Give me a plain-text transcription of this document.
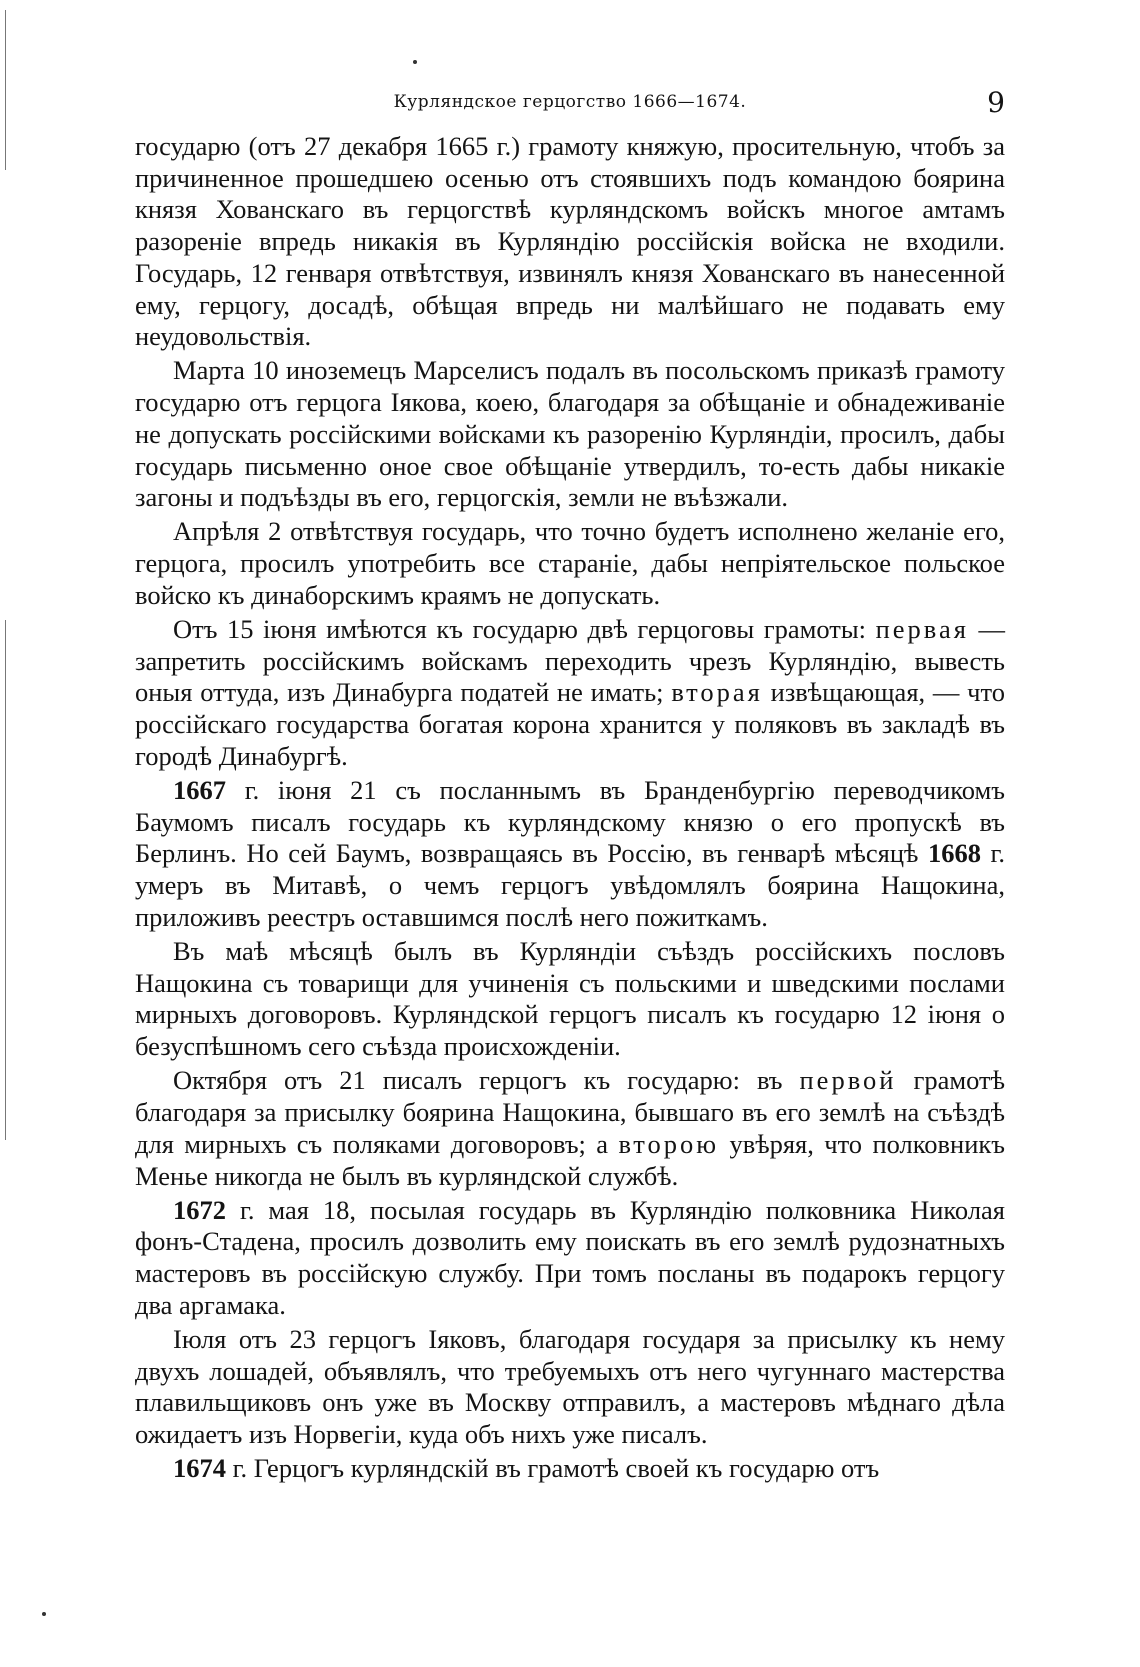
Курляндское герцогство 1666—1674.	9

государю (отъ 27 декабря 1665 г.) грамоту княжую, просительную, чтобъ за причиненное прошедшею осенью отъ стоявшихъ подъ командою боярина князя Хованскаго въ герцогствѣ курляндскомъ войскъ многое амтамъ разореніе впредь никакія въ Курляндію россійскія войска не входили. Государь, 12 генваря отвѣтствуя, извинялъ князя Хованскаго въ нанесенной ему, герцогу, досадѣ, обѣщая впредь ни малѣйшаго не подавать ему неудовольствія.

Марта 10 иноземецъ Марселисъ подалъ въ посольскомъ приказѣ грамоту государю отъ герцога Іякова, коею, благодаря за обѣщаніе и обнадеживаніе не допускать россійскими войсками къ разоренію Курляндіи, просилъ, дабы государь письменно оное свое обѣщаніе утвердилъ, то-есть дабы никакіе загоны и подъѣзды въ его, герцогскія, земли не въѣзжали.

Апрѣля 2 отвѣтствуя государь, что точно будетъ исполнено желаніе его, герцога, просилъ употребить все стараніе, дабы непріятельское польское войско къ динаборскимъ краямъ не допускать.

Отъ 15 іюня имѣются къ государю двѣ герцоговы грамоты: первая — запретить россійскимъ войскамъ переходить чрезъ Курляндію, вывесть оныя оттуда, изъ Динабурга податей не имать; вторая извѣщающая, — что россійскаго государства богатая корона хранится у поляковъ въ закладѣ въ городѣ Динабургѣ.

1667 г. іюня 21 съ посланнымъ въ Бранденбургію переводчикомъ Баумомъ писалъ государь къ курляндскому князю о его пропускѣ въ Берлинъ. Но сей Баумъ, возвращаясь въ Россію, въ генварѣ мѣсяцѣ 1668 г. умеръ въ Митавѣ, о чемъ герцогъ увѣдомлялъ боярина Нащокина, приложивъ реестръ оставшимся послѣ него пожиткамъ.

Въ маѣ мѣсяцѣ былъ въ Курляндіи съѣздъ россійскихъ пословъ Нащокина съ товарищи для учиненія съ польскими и шведскими послами мирныхъ договоровъ. Курляндской герцогъ писалъ къ государю 12 іюня о безуспѣшномъ сего съѣзда происхожденіи.

Октября отъ 21 писалъ герцогъ къ государю: въ первой грамотѣ благодаря за присылку боярина Нащокина, бывшаго въ его землѣ на съѣздѣ для мирныхъ съ поляками договоровъ; а второю увѣряя, что полковникъ Менье никогда не былъ въ курляндской службѣ.

1672 г. мая 18, посылая государь въ Курляндію полковника Николая фонъ-Стадена, просилъ дозволить ему поискать въ его землѣ рудознатныхъ мастеровъ въ россійскую службу. При томъ посланы въ подарокъ герцогу два аргамака.

Іюля отъ 23 герцогъ Іяковъ, благодаря государя за присылку къ нему двухъ лошадей, объявлялъ, что требуемыхъ отъ него чугуннаго мастерства плавильщиковъ онъ уже въ Москву отправилъ, а мастеровъ мѣднаго дѣла ожидаетъ изъ Норвегіи, куда объ нихъ уже писалъ.

1674 г. Герцогъ курляндскій въ грамотѣ своей къ государю отъ
